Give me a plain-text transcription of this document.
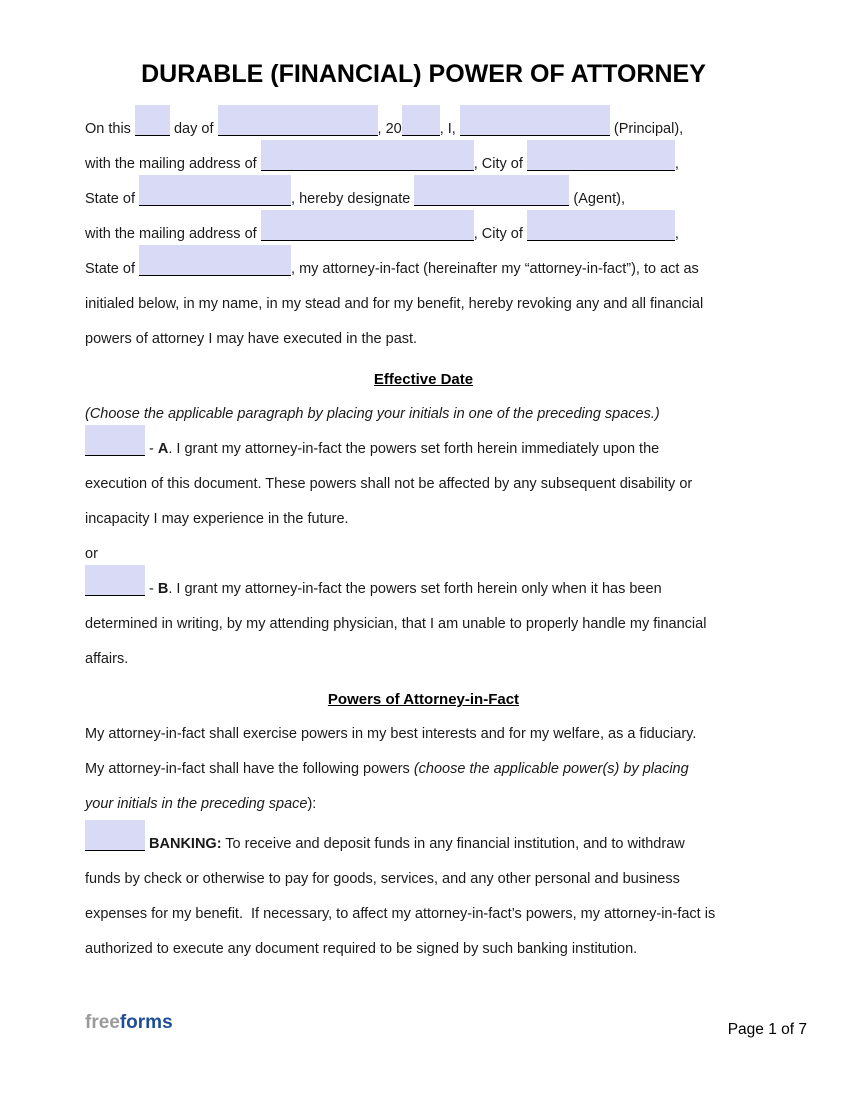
DURABLE (FINANCIAL) POWER OF ATTORNEY
On this  day of	, 20	, I,	(Principal),
with the mailing address of	, City of	,
State of	, hereby designate	(Agent),
with the mailing address of	, City of	,
State of	, my attorney-in-fact (hereinafter my “attorney-in-fact”), to act as
initialed below, in my name, in my stead and for my benefit, hereby revoking any and all financial
powers of attorney I may have executed in the past.
Effective Date
(Choose the applicable paragraph by placing your initials in one of the preceding spaces.)
- A. I grant my attorney-in-fact the powers set forth herein immediately upon the
execution of this document. These powers shall not be affected by any subsequent disability or
incapacity I may experience in the future.
or
- B. I grant my attorney-in-fact the powers set forth herein only when it has been
determined in writing, by my attending physician, that I am unable to properly handle my financial
affairs.
Powers of Attorney-in-Fact
My attorney-in-fact shall exercise powers in my best interests and for my welfare, as a fiduciary.
My attorney-in-fact shall have the following powers (choose the applicable power(s) by placing
your initials in the preceding space):
BANKING: To receive and deposit funds in any financial institution, and to withdraw
funds by check or otherwise to pay for goods, services, and any other personal and business
expenses for my benefit.  If necessary, to affect my attorney-in-fact’s powers, my attorney-in-fact is
authorized to execute any document required to be signed by such banking institution.
freeforms	Page 1 of 7
